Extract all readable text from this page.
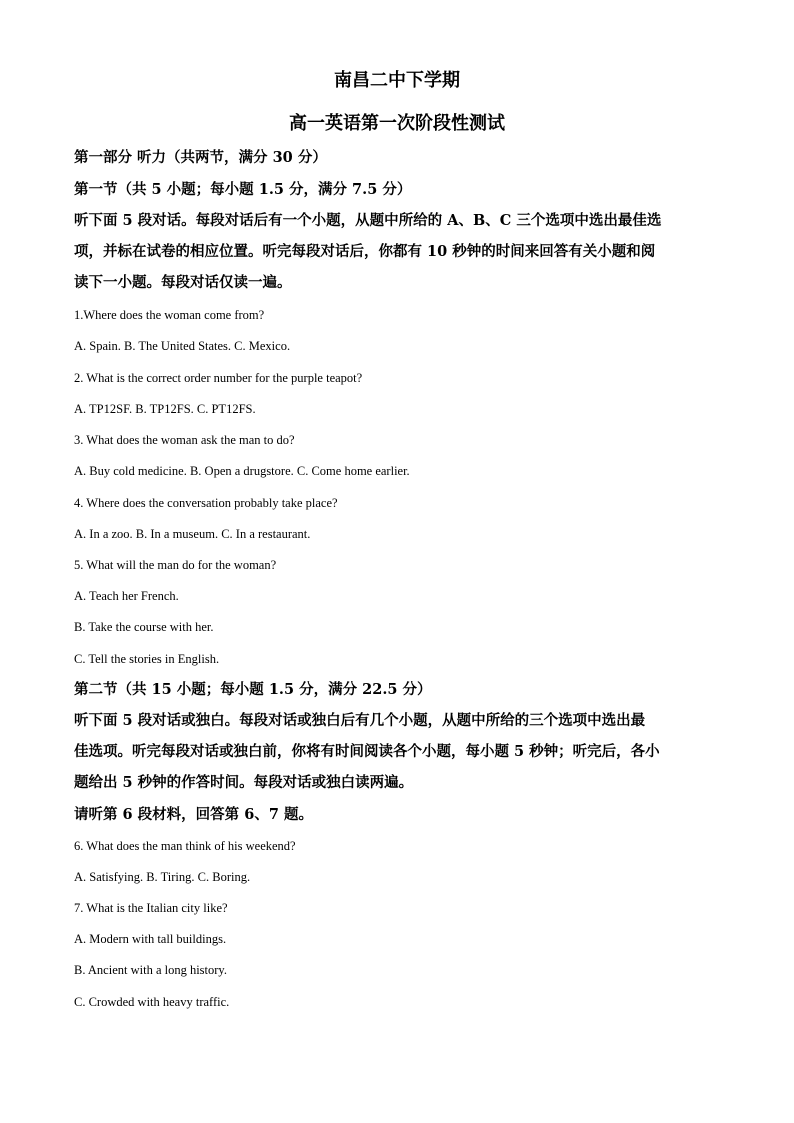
南昌二中下学期
高一英语第一次阶段性测试
第一部分 听力（共两节，满分 30 分）
第一节（共 5 小题；每小题 1.5 分，满分 7.5 分）
听下面 5 段对话。每段对话后有一个小题，从题中所给的 A、B、C 三个选项中选出最佳选
项，并标在试卷的相应位置。听完每段对话后，你都有 10 秒钟的时间来回答有关小题和阅
读下一小题。每段对话仅读一遍。
1.Where does the woman come from?
A. Spain. B. The United States. C. Mexico.
2. What is the correct order number for the purple teapot?
A. TP12SF. B. TP12FS. C. PT12FS.
3. What does the woman ask the man to do?
A. Buy cold medicine. B. Open a drugstore. C. Come home earlier.
4. Where does the conversation probably take place?
A. In a zoo. B. In a museum. C. In a restaurant.
5. What will the man do for the woman?
A. Teach her French.
B. Take the course with her.
C. Tell the stories in English.
第二节（共 15 小题；每小题 1.5 分，满分 22.5 分）
听下面 5 段对话或独白。每段对话或独白后有几个小题，从题中所给的三个选项中选出最
佳选项。听完每段对话或独白前，你将有时间阅读各个小题，每小题 5 秒钟；听完后，各小
题给出 5 秒钟的作答时间。每段对话或独白读两遍。
请听第 6 段材料，回答第 6、7 题。
6. What does the man think of his weekend?
A. Satisfying. B. Tiring. C. Boring.
7. What is the Italian city like?
A. Modern with tall buildings.
B. Ancient with a long history.
C. Crowded with heavy traffic.
